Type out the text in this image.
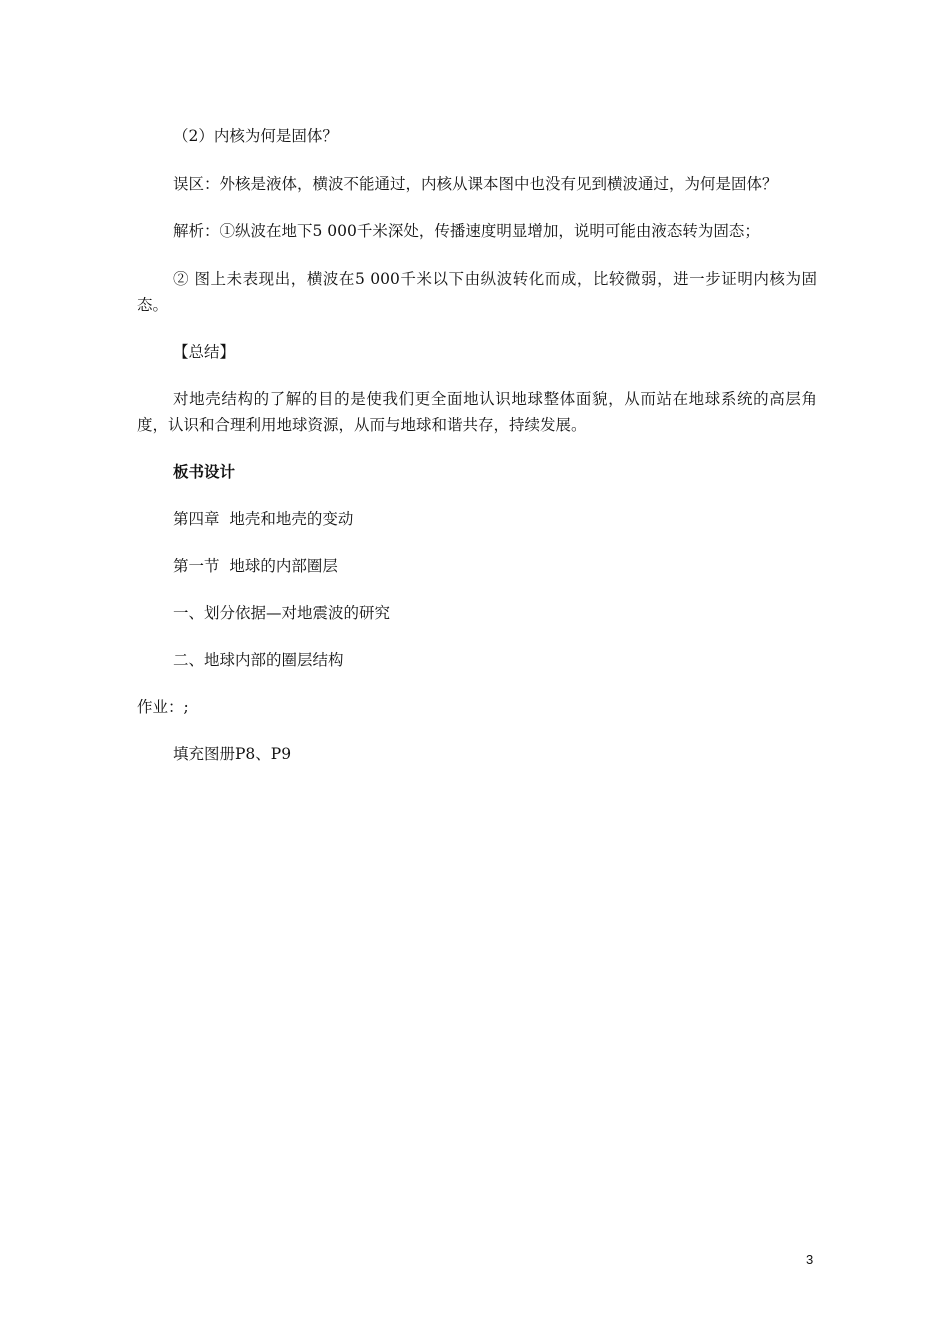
（2）内核为何是固体？

误区：外核是液体，横波不能通过，内核从课本图中也没有见到横波通过，为何是固体？

解析：①纵波在地下5 000千米深处，传播速度明显增加，说明可能由液态转为固态；

② 图上未表现出，横波在5 000千米以下由纵波转化而成，比较微弱，进一步证明内核为固态。

【总结】

对地壳结构的了解的目的是使我们更全面地认识地球整体面貌，从而站在地球系统的高层角度，认识和合理利用地球资源，从而与地球和谐共存，持续发展。

板书设计

第四章  地壳和地壳的变动

第一节  地球的内部圈层

一、划分依据—对地震波的研究

二、地球内部的圈层结构

作业：;

填充图册P8、P9

3
